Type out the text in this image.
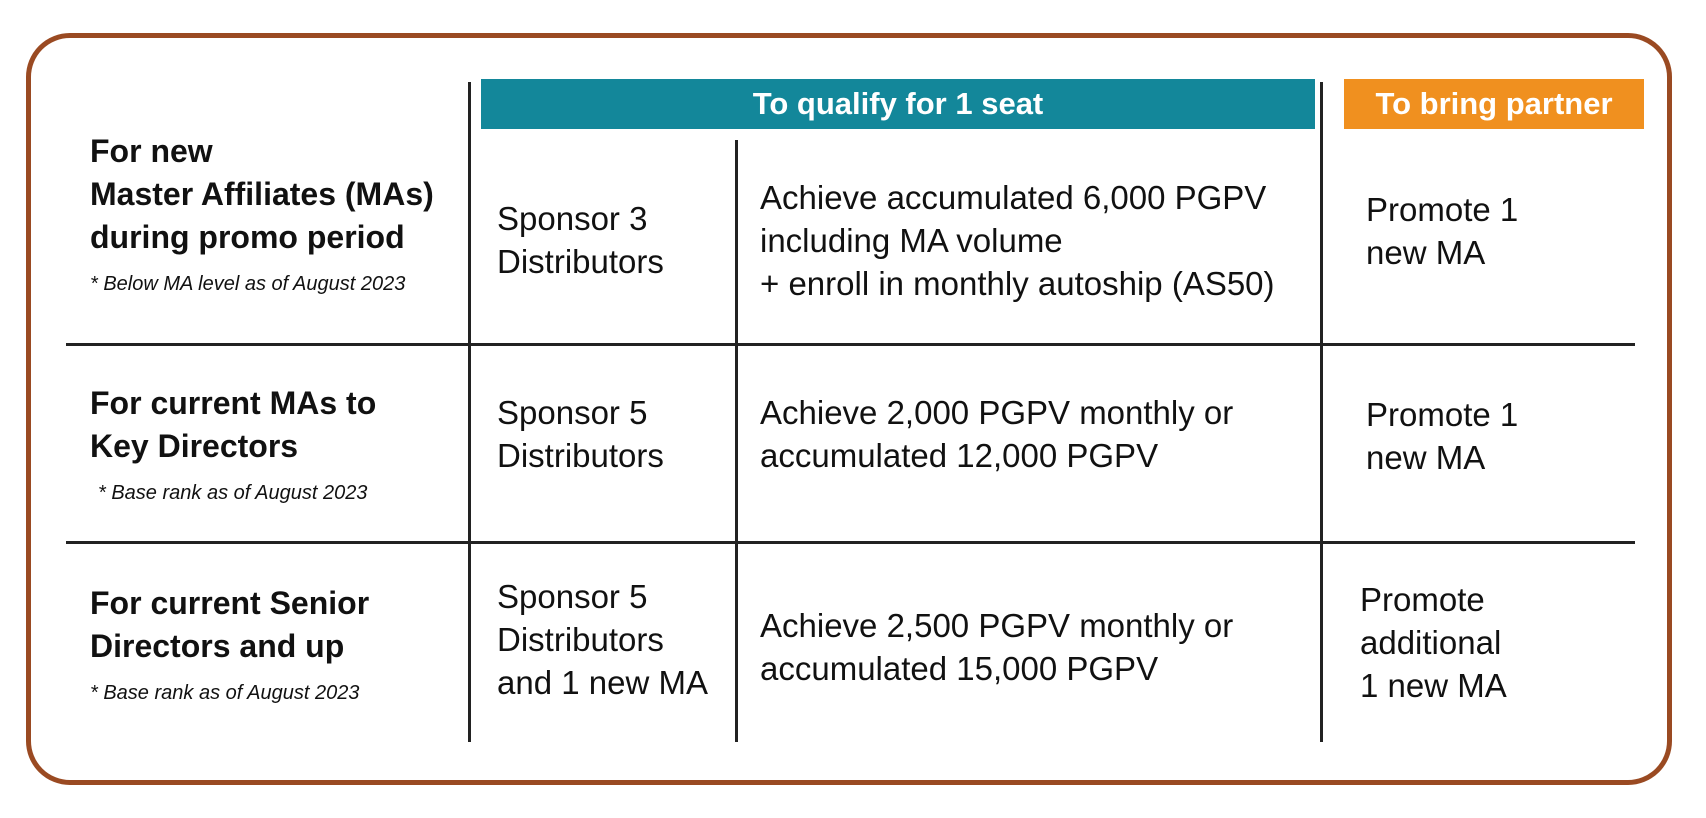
To qualify for 1 seat	To bring partner
For new
Master Affiliates (MAs)
during promo period
* Below MA level as of August 2023
Sponsor 3
Distributors
Achieve accumulated 6,000 PGPV
including MA volume
+ enroll in monthly autoship (AS50)
Promote 1
new MA
For current MAs to
Key Directors
* Base rank as of August 2023
Sponsor 5
Distributors
Achieve 2,000 PGPV monthly or
accumulated 12,000 PGPV
Promote 1
new MA
For current Senior
Directors and up
* Base rank as of August 2023
Sponsor 5
Distributors
and 1 new MA
Achieve 2,500 PGPV monthly or
accumulated 15,000 PGPV
Promote
additional
1 new MA
